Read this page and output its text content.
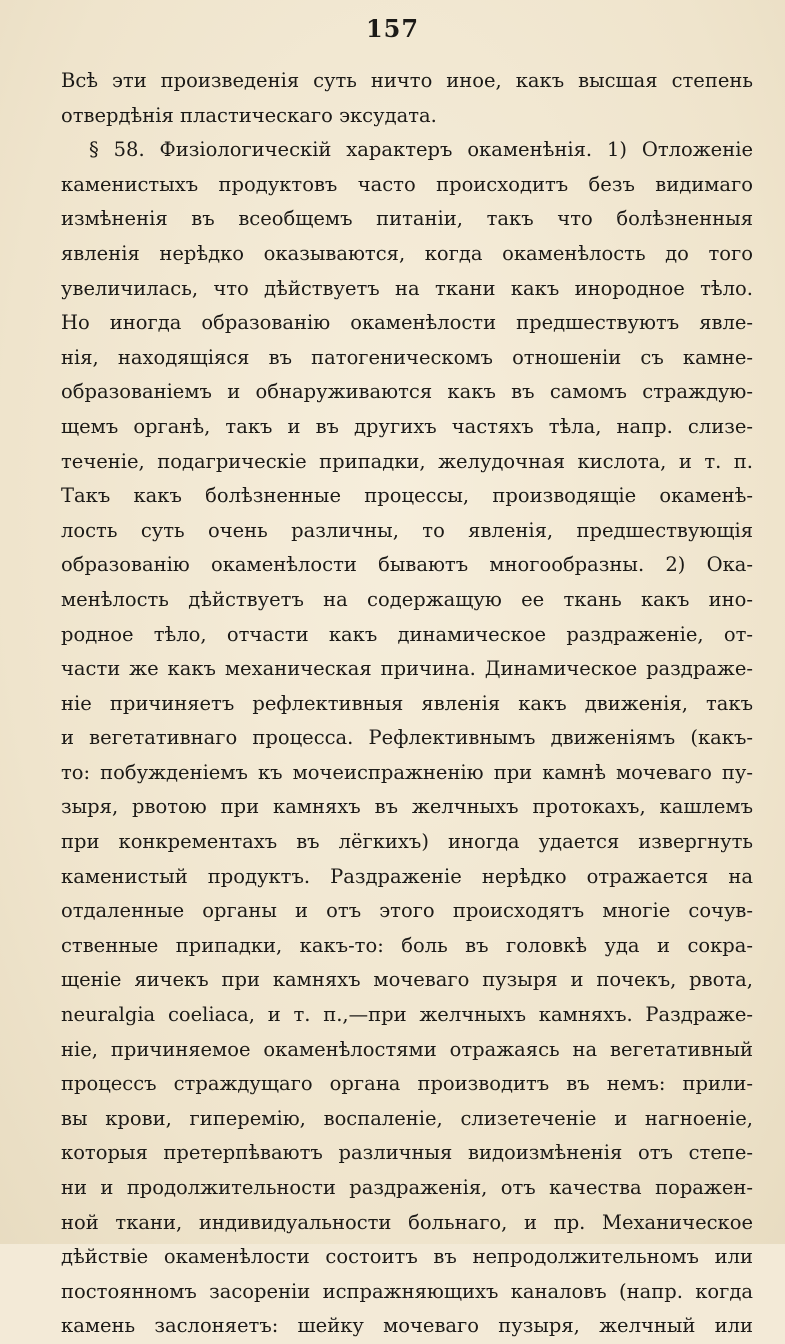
157
Всѣ эти произведенія суть ничто иное, какъ высшая степень
отвердѣнія пластическаго эксудата.
§ 58. Физіологическій характеръ окаменѣнія. 1) Отложеніе
каменистыхъ продуктовъ часто происходитъ безъ видимаго
измѣненія въ всеобщемъ питаніи, такъ что болѣзненныя
явленія нерѣдко оказываются, когда окаменѣлость до того
увеличилась, что дѣйствуетъ на ткани какъ инородное тѣло.
Но иногда образованію окаменѣлости предшествуютъ явле-
нія, находящіяся въ патогеническомъ отношеніи съ камне-
образованіемъ и обнаруживаются какъ въ самомъ страждую-
щемъ органѣ, такъ и въ другихъ частяхъ тѣла, напр. слизе-
теченіе, подагрическіе припадки, желудочная кислота, и т. п.
Такъ какъ болѣзненные процессы, производящіе окаменѣ-
лость суть очень различны, то явленія, предшествующія
образованію окаменѣлости бываютъ многообразны. 2) Ока-
менѣлость дѣйствуетъ на содержащую ее ткань какъ ино-
родное тѣло, отчасти какъ динамическое раздраженіе, от-
части же какъ механическая причина. Динамическое раздраже-
ніе причиняетъ рефлективныя явленія какъ движенія, такъ
и вегетативнаго процесса. Рефлективнымъ движеніямъ (какъ-
то: побужденіемъ къ мочеиспражненію при камнѣ мочеваго пу-
зыря, рвотою при камняхъ въ желчныхъ протокахъ, кашлемъ
при конкрементахъ въ лёгкихъ) иногда удается извергнуть
каменистый продуктъ. Раздраженіе нерѣдко отражается на
отдаленные органы и отъ этого происходятъ многіе сочув-
ственные припадки, какъ-то: боль въ головкѣ уда и сокра-
щеніе яичекъ при камняхъ мочеваго пузыря и почекъ, рвота,
neuralgia coeliaca, и т. п.,—при желчныхъ камняхъ. Раздраже-
ніе, причиняемое окаменѣлостями отражаясь на вегетативный
процессъ страждущаго органа производитъ въ немъ: прили-
вы крови, гиперемію, воспаленіе, слизетеченіе и нагноеніе,
которыя претерпѣваютъ различныя видоизмѣненія отъ степе-
ни и продолжительности раздраженія, отъ качества поражен-
ной ткани, индивидуальности больнаго, и пр. Механическое
дѣйствіе окаменѣлости состоитъ въ непродолжительномъ или
постоянномъ засореніи испражняющихъ каналовъ (напр. когда
камень заслоняетъ: шейку мочеваго пузыря, желчный или
